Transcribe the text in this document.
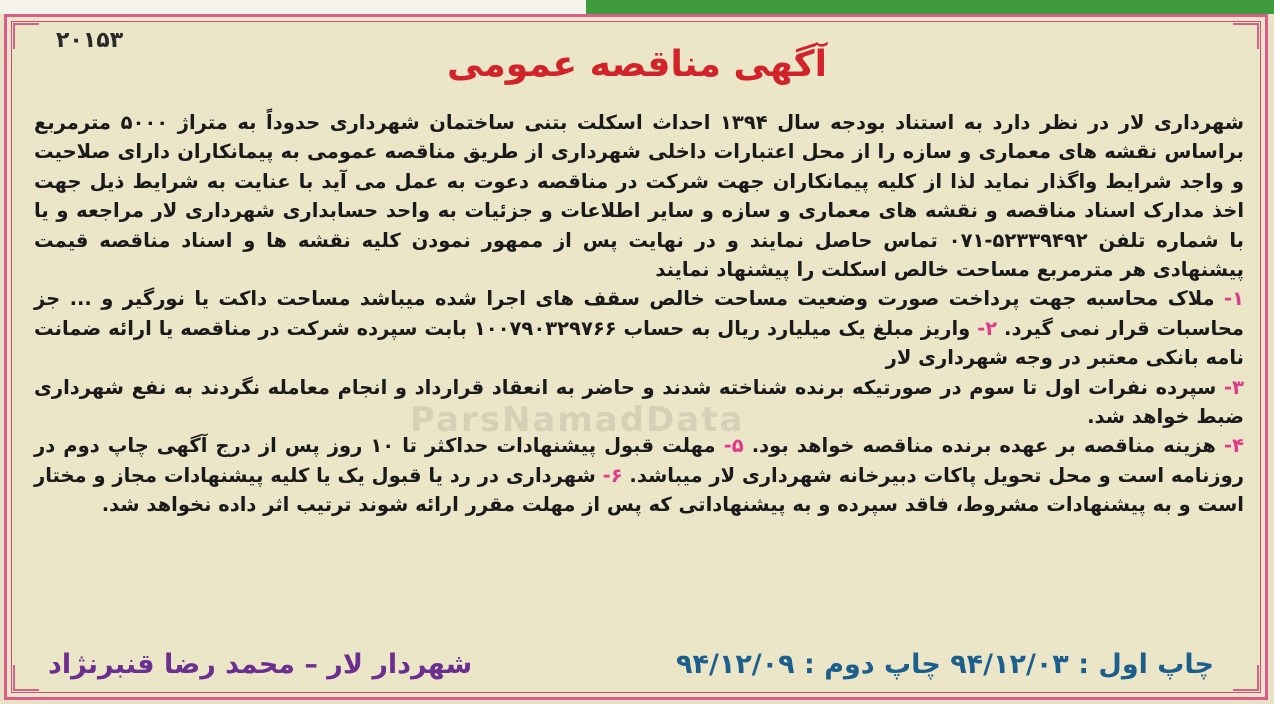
۲۰۱۵۳
آگهی مناقصه عمومی

شهرداری لار در نظر دارد به استناد بودجه سال ۱۳۹۴ احداث اسکلت بتنی ساختمان شهرداری حدوداً به متراژ ۵۰۰۰ مترمربع براساس نقشه های معماری و سازه را از محل اعتبارات داخلی شهرداری از طریق مناقصه عمومی به پیمانکاران دارای صلاحیت و واجد شرایط واگذار نماید لذا از کلیه پیمانکاران جهت شرکت در مناقصه دعوت به عمل می آید با عنایت به شرایط ذیل جهت اخذ مدارک اسناد مناقصه و نقشه های معماری و سازه و سایر اطلاعات و جزئیات به واحد حسابداری شهرداری لار مراجعه و یا با شماره تلفن ۵۲۳۳۹۴۹۲-۰۷۱ تماس حاصل نمایند و در نهایت پس از ممهور نمودن کلیه نقشه ها و اسناد مناقصه قیمت پیشنهادی هر مترمربع مساحت خالص اسکلت را پیشنهاد نمایند

۱- ملاک محاسبه جهت پرداخت صورت وضعیت مساحت خالص سقف های اجرا شده میباشد مساحت داکت یا نورگیر و ... جز محاسبات قرار نمی گیرد. ۲- واریز مبلغ یک میلیارد ریال به حساب ۱۰۰۷۹۰۳۲۹۷۶۶ بابت سپرده شرکت در مناقصه یا ارائه ضمانت نامه بانکی معتبر در وجه شهرداری لار

۳- سپرده نفرات اول تا سوم در صورتیکه برنده شناخته شدند و حاضر به انعقاد قرارداد و انجام معامله نگردند به نفع شهرداری ضبط خواهد شد.

۴- هزینه مناقصه بر عهده برنده مناقصه خواهد بود. ۵- مهلت قبول پیشنهادات حداکثر تا ۱۰ روز پس از درج آگهی چاپ دوم در روزنامه است و محل تحویل پاکات دبیرخانه شهرداری لار میباشد. ۶- شهرداری در رد یا قبول یک یا کلیه پیشنهادات مجاز و مختار است و به پیشنهادات مشروط، فاقد سپرده و به پیشنهاداتی که پس از مهلت مقرر ارائه شوند ترتیب اثر داده نخواهد شد.

چاپ اول : ۹۴/۱۲/۰۳ چاپ دوم : ۹۴/۱۲/۰۹
شهردار لار – محمد رضا قنبرنژاد
